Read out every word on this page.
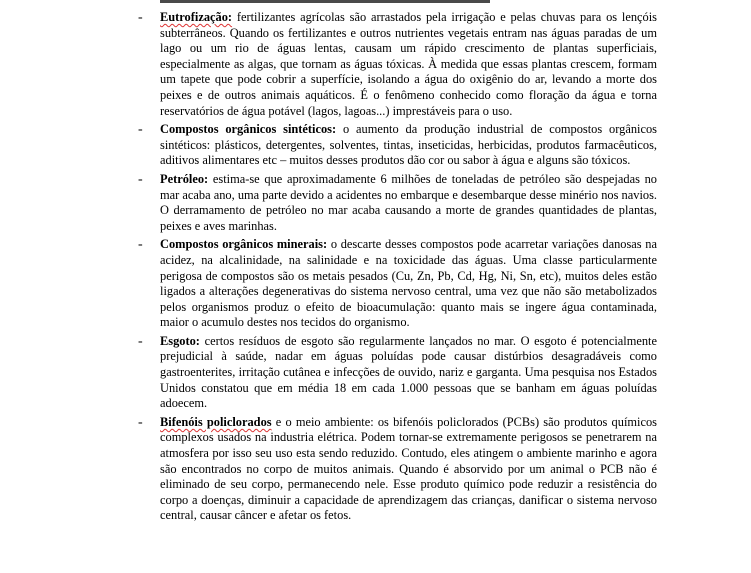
- Eutrofização: fertilizantes agrícolas são arrastados pela irrigação e pelas chuvas para os lençóis subterrâneos. Quando os fertilizantes e outros nutrientes vegetais entram nas águas paradas de um lago ou um rio de águas lentas, causam um rápido crescimento de plantas superficiais, especialmente as algas, que tornam as águas tóxicas. À medida que essas plantas crescem, formam um tapete que pode cobrir a superfície, isolando a água do oxigênio do ar, levando a morte dos peixes e de outros animais aquáticos. É o fenômeno conhecido como floração da água e torna reservatórios de água potável (lagos, lagoas...) imprestáveis para o uso.
- Compostos orgânicos sintéticos: o aumento da produção industrial de compostos orgânicos sintéticos: plásticos, detergentes, solventes, tintas, inseticidas, herbicidas, produtos farmacêuticos, aditivos alimentares etc – muitos desses produtos dão cor ou sabor à água e alguns são tóxicos.
- Petróleo: estima-se que aproximadamente 6 milhões de toneladas de petróleo são despejadas no mar acaba ano, uma parte devido a acidentes no embarque e desembarque desse minério nos navios. O derramamento de petróleo no mar acaba causando a morte de grandes quantidades de plantas, peixes e aves marinhas.
- Compostos orgânicos minerais: o descarte desses compostos pode acarretar variações danosas na acidez, na alcalinidade, na salinidade e na toxicidade das águas. Uma classe particularmente perigosa de compostos são os metais pesados (Cu, Zn, Pb, Cd, Hg, Ni, Sn, etc), muitos deles estão ligados a alterações degenerativas do sistema nervoso central, uma vez que não são metabolizados pelos organismos produz o efeito de bioacumulação: quanto mais se ingere água contaminada, maior o acumulo destes nos tecidos do organismo.
- Esgoto: certos resíduos de esgoto são regularmente lançados no mar. O esgoto é potencialmente prejudicial à saúde, nadar em águas poluídas pode causar distúrbios desagradáveis como gastroenterites, irritação cutânea e infecções de ouvido, nariz e garganta. Uma pesquisa nos Estados Unidos constatou que em média 18 em cada 1.000 pessoas que se banham em águas poluídas adoecem.
- Bifenóis policlorados e o meio ambiente: os bifenóis policlorados (PCBs) são produtos químicos complexos usados na industria elétrica. Podem tornar-se extremamente perigosos se penetrarem na atmosfera por isso seu uso esta sendo reduzido. Contudo, eles atingem o ambiente marinho e agora são encontrados no corpo de muitos animais. Quando é absorvido por um animal o PCB não é eliminado de seu corpo, permanecendo nele. Esse produto químico pode reduzir a resistência do corpo a doenças, diminuir a capacidade de aprendizagem das crianças, danificar o sistema nervoso central, causar câncer e afetar os fetos.
